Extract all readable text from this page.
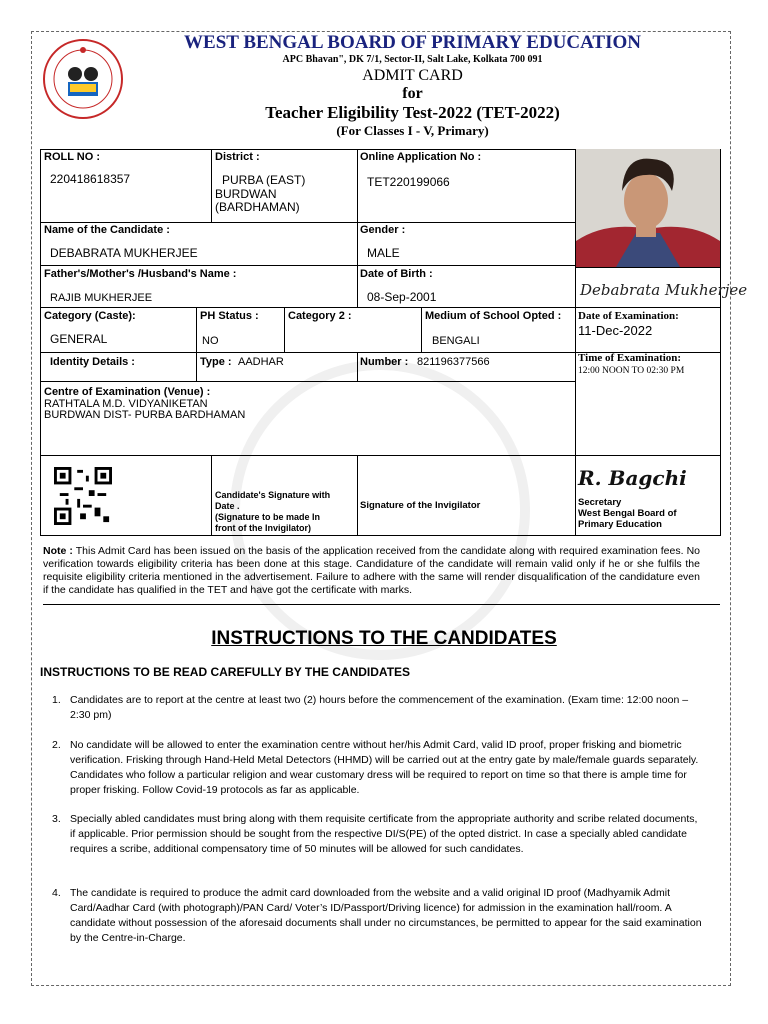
WEST BENGAL BOARD OF PRIMARY EDUCATION
APC Bhavan", DK 7/1, Sector-II, Salt Lake, Kolkata 700 091
ADMIT CARD
for
Teacher Eligibility Test-2022 (TET-2022)
(For Classes I - V, Primary)
ROLL NO :
220418618357
District :
PURBA (EAST)
BURDWAN
(BARDHAMAN)
Online Application No :
TET220199066
Name of the Candidate :
DEBABRATA MUKHERJEE
Gender :
MALE
Father's/Mother's /Husband's Name :
RAJIB MUKHERJEE
Date of Birth :
08-Sep-2001	Debabrata Mukherjee
Category (Caste):
GENERAL
PH Status :
NO
Category 2 :	Medium of School Opted :
BENGALI
Date of Examination:
11-Dec-2022
Identity Details :	Type : AADHAR	Number : 821196377566	Time of Examination:
12:00 NOON TO 02:30 PM
Centre of Examination (Venue) :
RATHTALA M.D. VIDYANIKETAN
BURDWAN DIST- PURBA BARDHAMAN
Candidate's Signature with
Date .
(Signature to be made In
front of the Invigilator)
Signature of the Invigilator
R. Bagchi
Secretary
West Bengal Board of
Primary Education
Note : This Admit Card has been issued on the basis of the application received from the candidate along with required examination fees. No verification towards eligibility criteria has been done at this stage. Candidature of the candidate will remain valid only if he or she fulfils the requisite eligibility criteria mentioned in the advertisement. Failure to adhere with the same will render disqualification of the candidature even if the candidate has qualified in the TET and have got the certificate with marks.
INSTRUCTIONS TO THE CANDIDATES
INSTRUCTIONS TO BE READ CAREFULLY BY THE CANDIDATES
1. Candidates are to report at the centre at least two (2) hours before the commencement of the examination. (Exam time: 12:00 noon – 2:30 pm)
2. No candidate will be allowed to enter the examination centre without her/his Admit Card, valid ID proof, proper frisking and biometric verification. Frisking through Hand-Held Metal Detectors (HHMD) will be carried out at the entry gate by male/female guards separately. Candidates who follow a particular religion and wear customary dress will be required to report on time so that there is ample time for proper frisking. Follow Covid-19 protocols as far as applicable.
3. Specially abled candidates must bring along with them requisite certificate from the appropriate authority and scribe related documents, if applicable. Prior permission should be sought from the respective DI/S(PE) of the opted district. In case a specially abled candidate requires a scribe, additional compensatory time of 50 minutes will be allowed for such candidates.
4. The candidate is required to produce the admit card downloaded from the website and a valid original ID proof (Madhyamik Admit Card/Aadhar Card (with photograph)/PAN Card/ Voter’s ID/Passport/Driving licence) for admission in the examination hall/room. A candidate without possession of the aforesaid documents shall under no circumstances, be permitted to appear for the said examination by the Centre-in-Charge.
